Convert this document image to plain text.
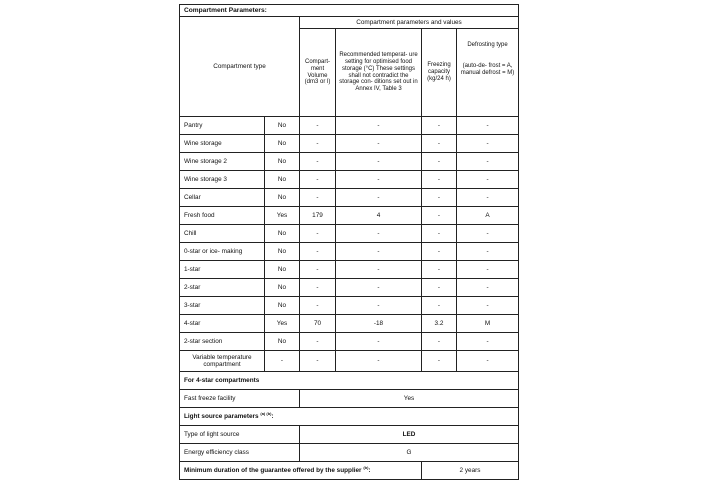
Compartment Parameters:					
Compartment type		Compartment parameters and values			
		Compart- ment Volume (dm3 or l)	Recommended temperat- ure setting for optimised food storage (°C) These settings shall not contradict the storage con- ditions set out in Annex IV, Table 3	Freezing capacity (kg/24 h)	Defrosting type
(auto-de- frost = A, manual defrost = M)

Pantry	No	-	-	-	-
Wine storage	No	-	-	-	-
Wine storage 2	No	-	-	-	-
Wine storage 3	No	-	-	-	-
Cellar	No	-	-	-	-
Fresh food	Yes	179	4	-	A
Chill	No	-	-	-	-
0-star or ice- making	No	-	-	-	-
1-star	No	-	-	-	-
2-star	No	-	-	-	-
3-star	No	-	-	-	-
4-star	Yes	70	-18	3.2	M
2-star section	No	-	-	-	-
Variable temperature compartment	-	-	-	-	-
For 4-star compartments					
Fast freeze facility		Yes			
Light source parameters $^{(a) (b)}$:					
Type of light source		LED			
Energy efficiency class		G			
Minimum duration of the guarantee offered by the supplier $^{(b)}$:				2 years	
